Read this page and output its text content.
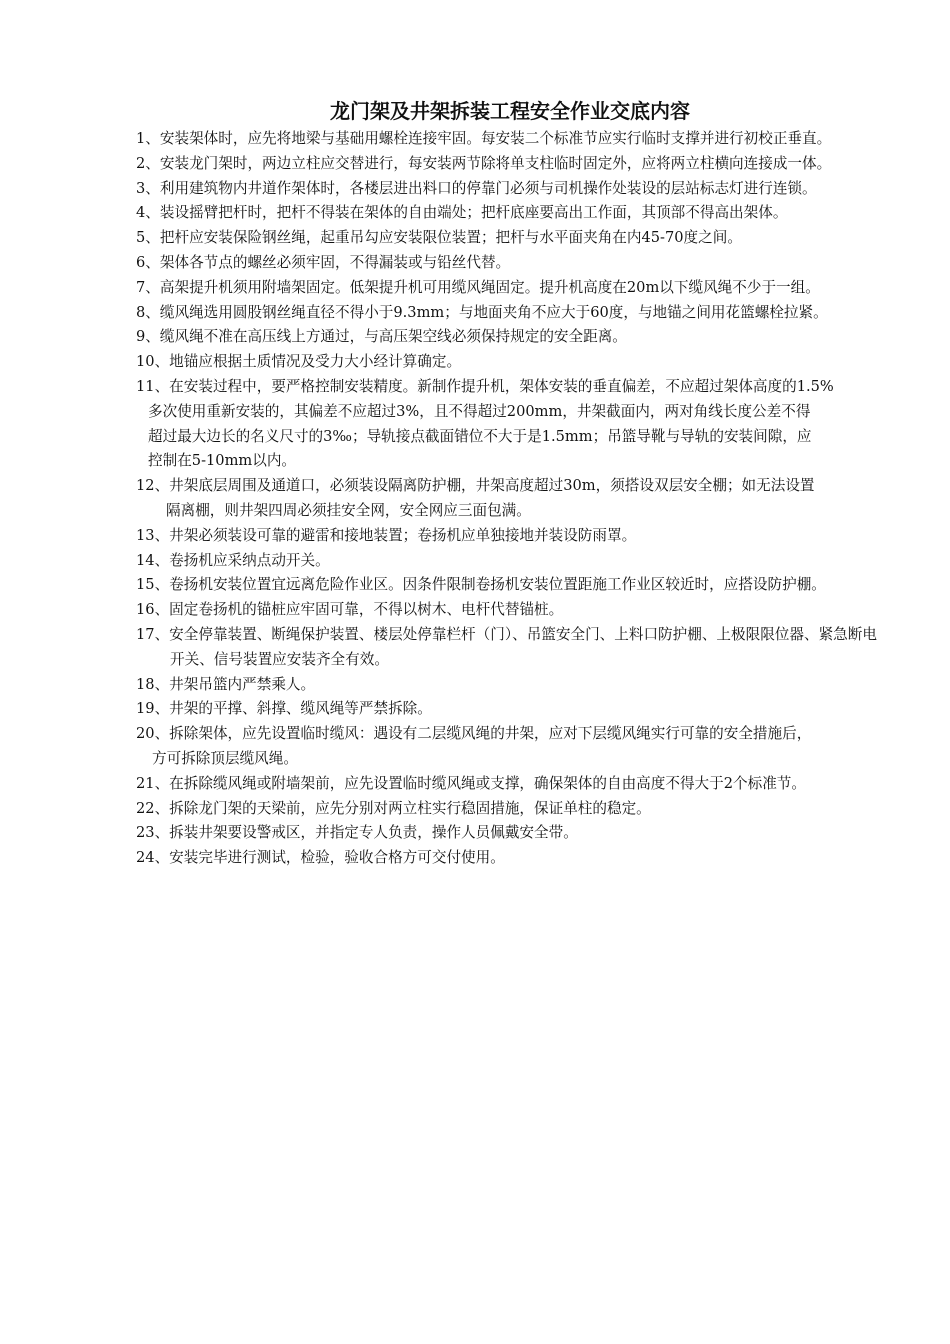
龙门架及井架拆装工程安全作业交底内容

1、安装架体时，应先将地梁与基础用螺栓连接牢固。每安装二个标准节应实行临时支撑并进行初校正垂直。

2、安装龙门架时，两边立柱应交替进行，每安装两节除将单支柱临时固定外，应将两立柱横向连接成一体。

3、利用建筑物内井道作架体时，各楼层进出料口的停靠门必须与司机操作处装设的层站标志灯进行连锁。

4、装设摇臂把杆时，把杆不得装在架体的自由端处；把杆底座要高出工作面，其顶部不得高出架体。

5、把杆应安装保险钢丝绳，起重吊勾应安装限位装置；把杆与水平面夹角在内45-70度之间。

6、架体各节点的螺丝必须牢固，不得漏装或与铅丝代替。

7、高架提升机须用附墙架固定。低架提升机可用缆风绳固定。提升机高度在20m以下缆风绳不少于一组。

8、缆风绳选用圆股钢丝绳直径不得小于9.3mm；与地面夹角不应大于60度，与地锚之间用花篮螺栓拉紧。

9、缆风绳不准在高压线上方通过，与高压架空线必须保持规定的安全距离。

10、地锚应根据土质情况及受力大小经计算确定。

11、在安装过程中，要严格控制安装精度。新制作提升机，架体安装的垂直偏差，不应超过架体高度的1.5%

多次使用重新安装的，其偏差不应超过3%，且不得超过200mm，井架截面内，两对角线长度公差不得

超过最大边长的名义尺寸的3‰；导轨接点截面错位不大于是1.5mm；吊篮导靴与导轨的安装间隙，应

控制在5-10mm以内。

12、井架底层周围及通道口，必须装设隔离防护棚，井架高度超过30m，须搭设双层安全棚；如无法设置

隔离棚，则井架四周必须挂安全网，安全网应三面包满。

13、井架必须装设可靠的避雷和接地装置；卷扬机应单独接地并装设防雨罩。

14、卷扬机应采纳点动开关。

15、卷扬机安装位置宜远离危险作业区。因条件限制卷扬机安装位置距施工作业区较近时，应搭设防护棚。

16、固定卷扬机的锚桩应牢固可靠，不得以树木、电杆代替锚桩。

17、安全停靠装置、断绳保护装置、楼层处停靠栏杆（门）、吊篮安全门、上料口防护棚、上极限限位器、紧急断电开关、信号装置应安装齐全有效。

18、井架吊篮内严禁乘人。

19、井架的平撑、斜撑、缆风绳等严禁拆除。

20、拆除架体，应先设置临时缆风：遇设有二层缆风绳的井架，应对下层缆风绳实行可靠的安全措施后，

方可拆除顶层缆风绳。

21、在拆除缆风绳或附墙架前，应先设置临时缆风绳或支撑，确保架体的自由高度不得大于2个标准节。

22、拆除龙门架的天梁前，应先分别对两立柱实行稳固措施，保证单柱的稳定。

23、拆装井架要设警戒区，并指定专人负责，操作人员佩戴安全带。

24、安装完毕进行测试，检验，验收合格方可交付使用。
